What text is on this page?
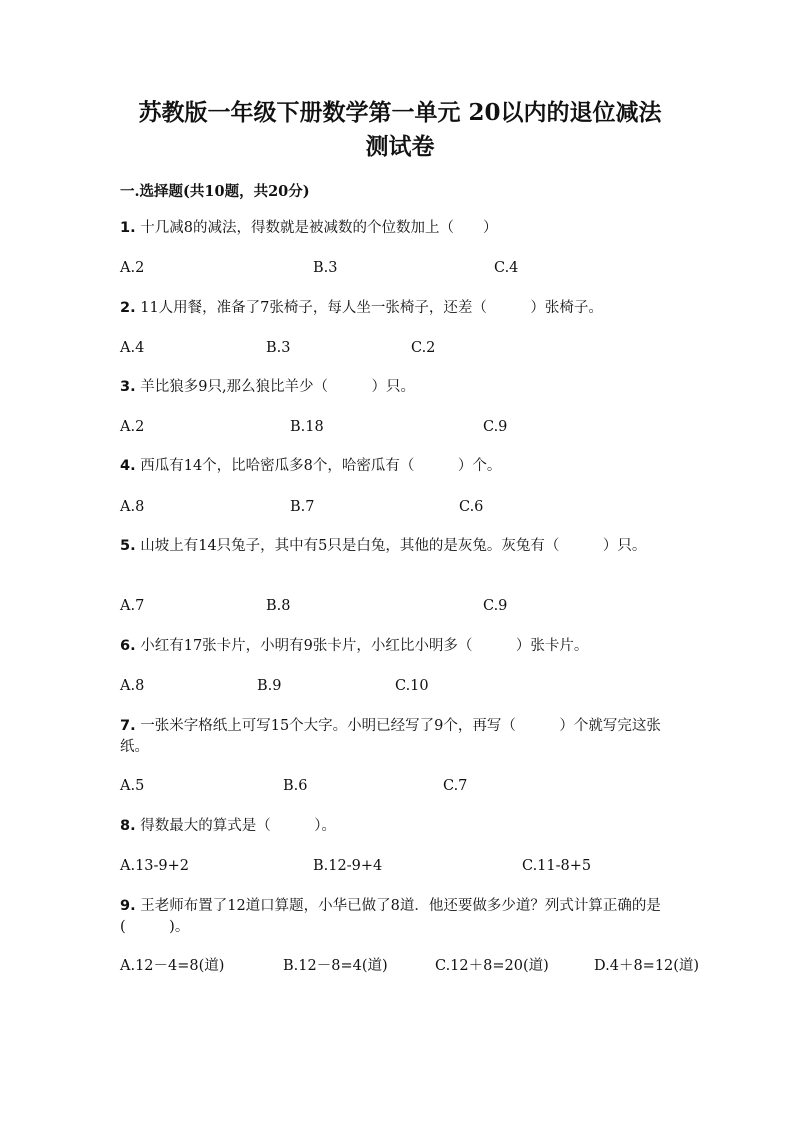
苏教版一年级下册数学第一单元 20以内的退位减法
测试卷
一.选择题(共10题，共20分)
1. 十几减8的减法，得数就是被减数的个位数加上（　　）
A.2	B.3	C.4
2. 11人用餐，准备了7张椅子，每人坐一张椅子，还差（　　　）张椅子。
A.4	B.3	C.2
3. 羊比狼多9只,那么狼比羊少（　　　）只。
A.2	B.18	C.9
4. 西瓜有14个，比哈密瓜多8个，哈密瓜有（　　　）个。
A.8	B.7	C.6
5. 山坡上有14只兔子，其中有5只是白兔，其他的是灰兔。灰兔有（　　　）只。
A.7	B.8	C.9
6. 小红有17张卡片，小明有9张卡片，小红比小明多（　　　）张卡片。
A.8	B.9	C.10
7. 一张米字格纸上可写15个大字。小明已经写了9个，再写（　　　）个就写完这张纸。
A.5	B.6	C.7
8. 得数最大的算式是（　　　）。
A.13-9+2	B.12-9+4	C.11-8+5
9. 王老师布置了12道口算题，小华已做了8道．他还要做多少道？列式计算正确的是(　　　)。
A.12－4=8(道)	B.12－8=4(道)	C.12＋8=20(道)	D.4＋8=12(道)
